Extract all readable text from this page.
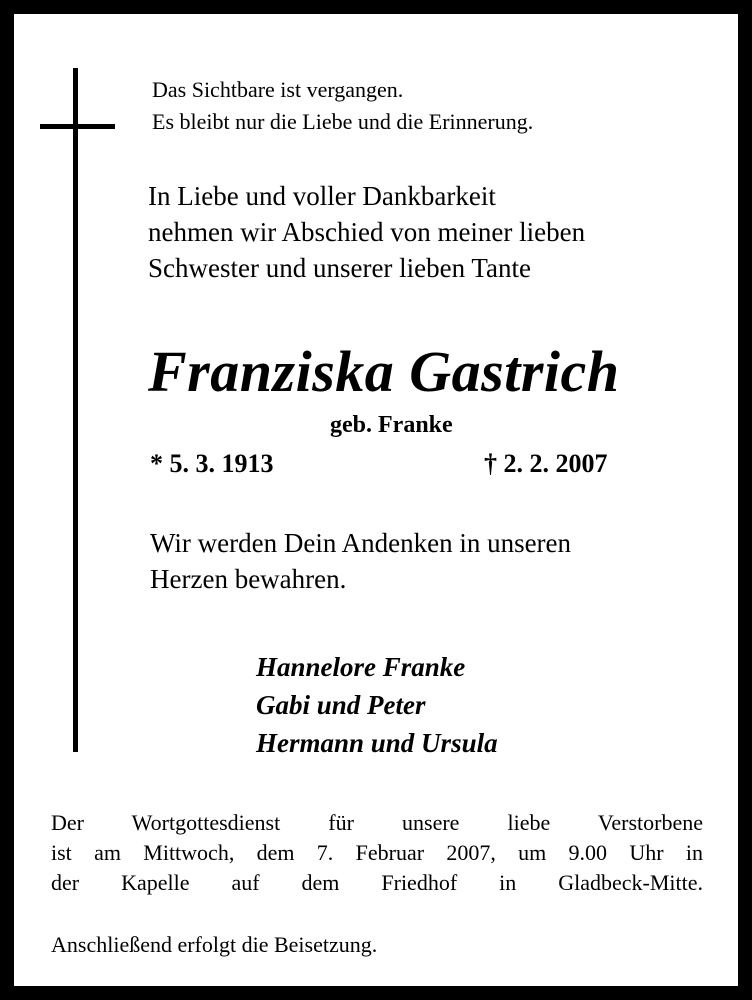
Das Sichtbare ist vergangen.
Es bleibt nur die Liebe und die Erinnerung.
In Liebe und voller Dankbarkeit
nehmen wir Abschied von meiner lieben
Schwester und unserer lieben Tante
Franziska Gastrich
geb. Franke
* 5. 3. 1913	† 2. 2. 2007
Wir werden Dein Andenken in unseren
Herzen bewahren.
Hannelore Franke
Gabi und Peter
Hermann und Ursula
Der Wortgottesdienst für unsere liebe Verstorbene
ist am Mittwoch, dem 7. Februar 2007, um 9.00 Uhr in
der Kapelle auf dem Friedhof in Gladbeck-Mitte.
Anschließend erfolgt die Beisetzung.
